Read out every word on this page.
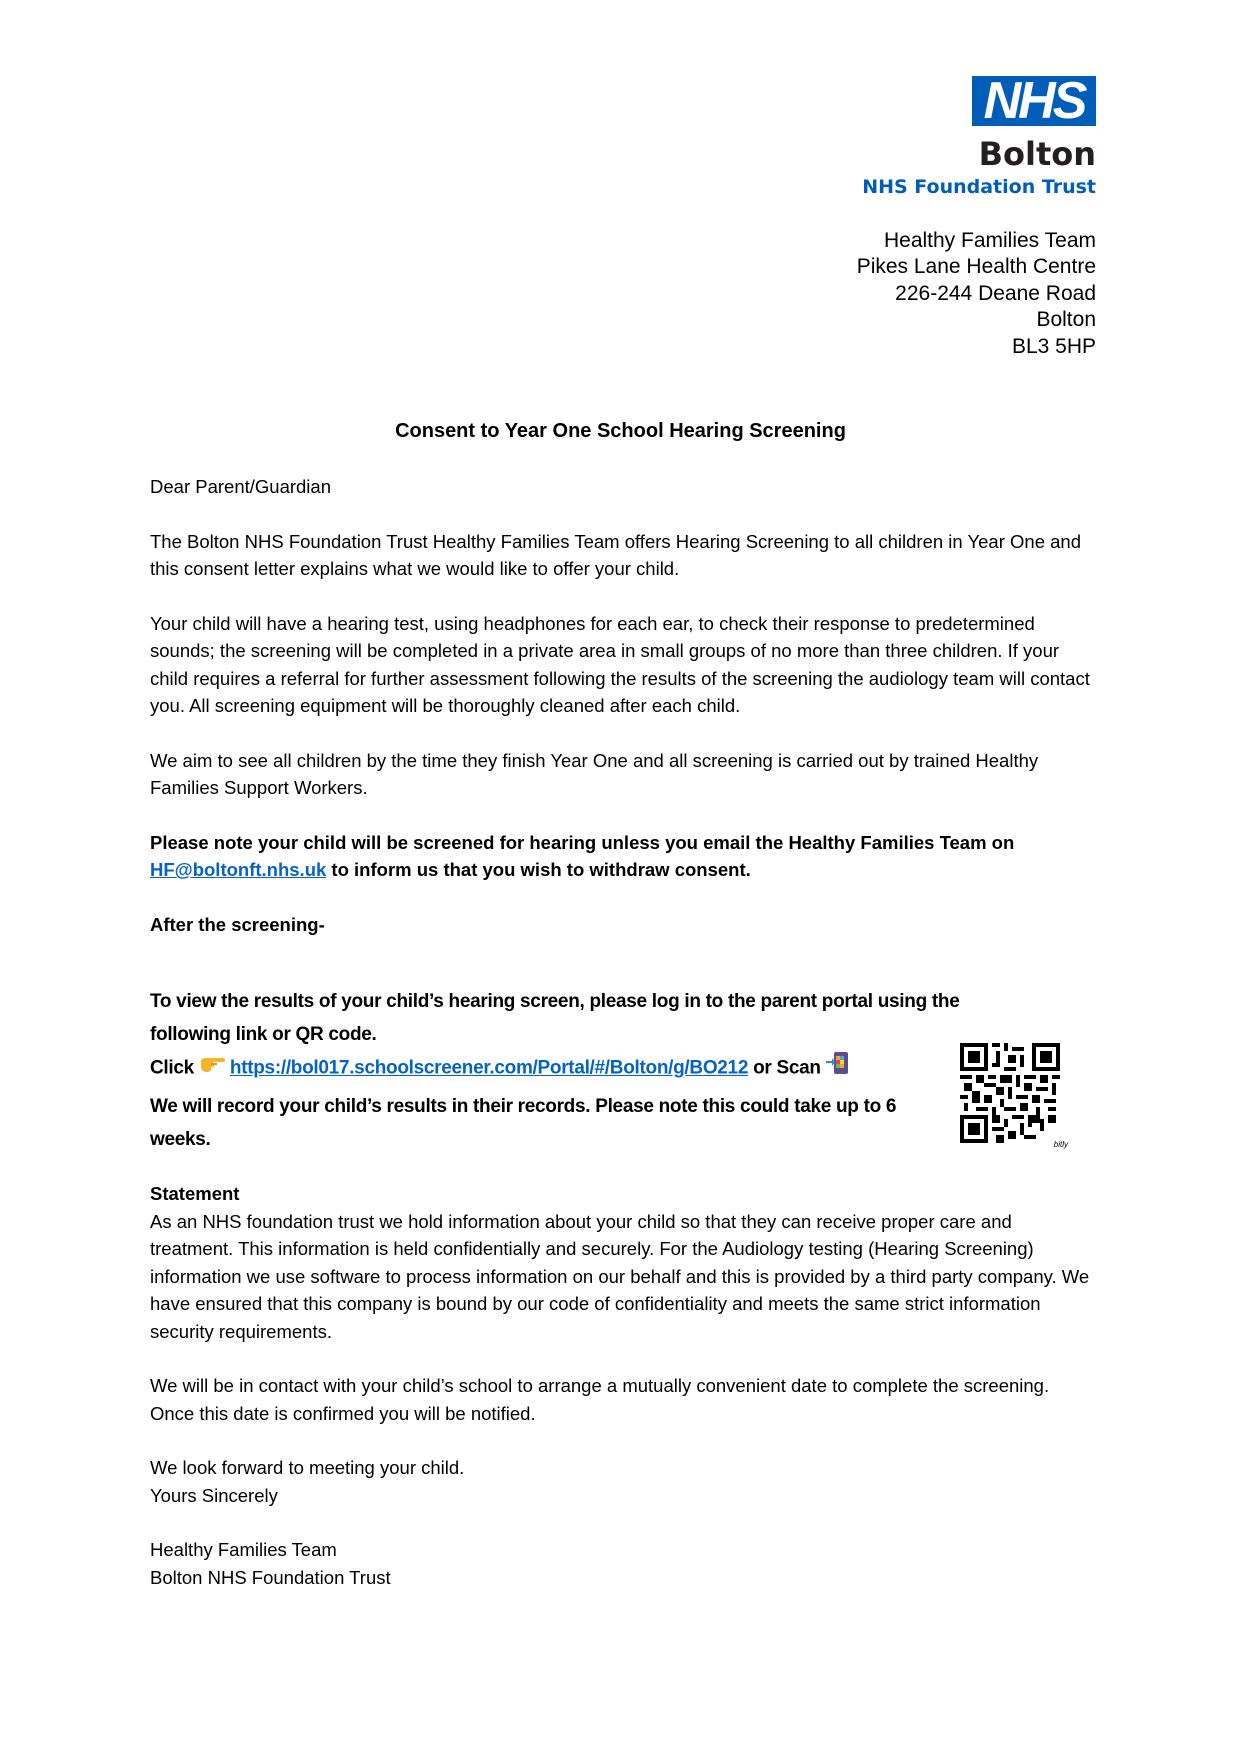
NHS
Bolton
NHS Foundation Trust
Healthy Families Team
Pikes Lane Health Centre
226-244 Deane Road
Bolton
BL3 5HP
Consent to Year One School Hearing Screening

Dear Parent/Guardian

The Bolton NHS Foundation Trust Healthy Families Team offers Hearing Screening to all children in Year One and this consent letter explains what we would like to offer your child.

Your child will have a hearing test, using headphones for each ear, to check their response to predetermined sounds; the screening will be completed in a private area in small groups of no more than three children. If your child requires a referral for further assessment following the results of the screening the audiology team will contact you. All screening equipment will be thoroughly cleaned after each child.

We aim to see all children by the time they finish Year One and all screening is carried out by trained Healthy Families Support Workers.

Please note your child will be screened for hearing unless you email the Healthy Families Team on HF@boltonft.nhs.uk to inform us that you wish to withdraw consent.

After the screening-

To view the results of your child’s hearing screen, please log in to the parent portal using the following link or QR code.

Click https://bol017.schoolscreener.com/Portal/#/Bolton/g/BO212 or Scan

We will record your child’s results in their records. Please note this could take up to 6 weeks.	bitly

Statement

As an NHS foundation trust we hold information about your child so that they can receive proper care and treatment. This information is held confidentially and securely. For the Audiology testing (Hearing Screening) information we use software to process information on our behalf and this is provided by a third party company. We have ensured that this company is bound by our code of confidentiality and meets the same strict information security requirements.

We will be in contact with your child’s school to arrange a mutually convenient date to complete the screening. Once this date is confirmed you will be notified.

We look forward to meeting your child.

Yours Sincerely

Healthy Families Team

Bolton NHS Foundation Trust
